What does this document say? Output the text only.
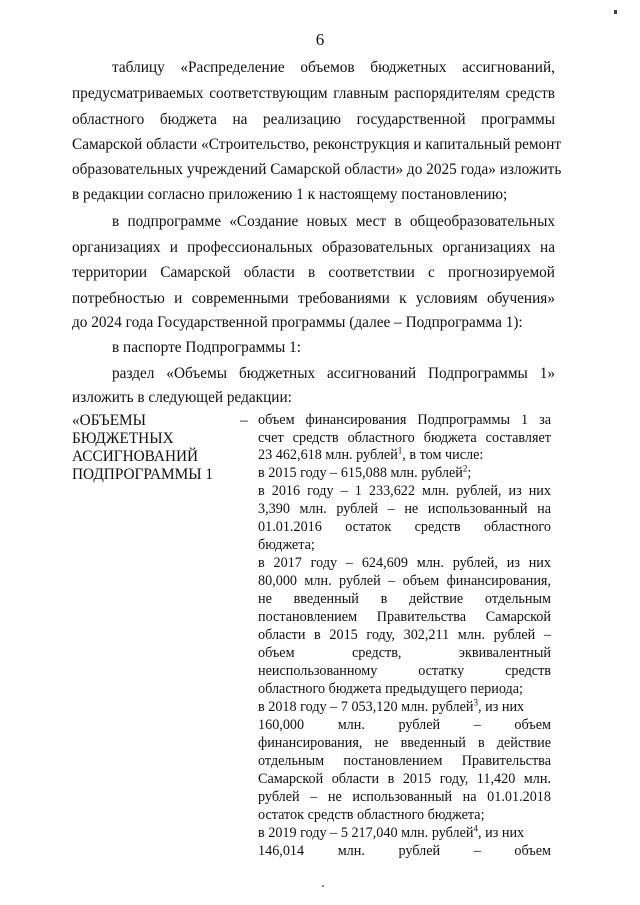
6
таблицу «Распределение объемов бюджетных ассигнований,
предусматриваемых соответствующим главным распорядителям средств
областного бюджета на реализацию государственной программы
Самарской области «Строительство, реконструкция и капитальный ремонт
образовательных учреждений Самарской области» до 2025 года» изложить
в редакции согласно приложению 1 к настоящему постановлению;
в подпрограмме «Создание новых мест в общеобразовательных
организациях и профессиональных образовательных организациях на
территории Самарской области в соответствии с прогнозируемой
потребностью и современными требованиями к условиям обучения»
до 2024 года Государственной программы (далее – Подпрограмма 1):
в паспорте Подпрограммы 1:
раздел «Объемы бюджетных ассигнований Подпрограммы 1»
изложить в следующей редакции:
«ОБЪЕМЫ
БЮДЖЕТНЫХ
АССИГНОВАНИЙ
ПОДПРОГРАММЫ 1
– объем финансирования Подпрограммы 1 за
счет средств областного бюджета составляет
23 462,618 млн. рублей$^1$, в том числе:
в 2015 году – 615,088 млн. рублей$^2$;
в 2016 году – 1 233,622 млн. рублей, из них
3,390 млн. рублей – не использованный на
01.01.2016 остаток средств областного
бюджета;
в 2017 году – 624,609 млн. рублей, из них
80,000 млн. рублей – объем финансирования,
не введенный в действие отдельным
постановлением Правительства Самарской
области в 2015 году, 302,211 млн. рублей –
объем средств, эквивалентный
неиспользованному остатку средств
областного бюджета предыдущего периода;
в 2018 году – 7 053,120 млн. рублей$^3$, из них
160,000 млн. рублей – объем
финансирования, не введенный в действие
отдельным постановлением Правительства
Самарской области в 2015 году, 11,420 млн.
рублей – не использованный на 01.01.2018
остаток средств областного бюджета;
в 2019 году – 5 217,040 млн. рублей$^4$, из них
146,014 млн. рублей – объем
